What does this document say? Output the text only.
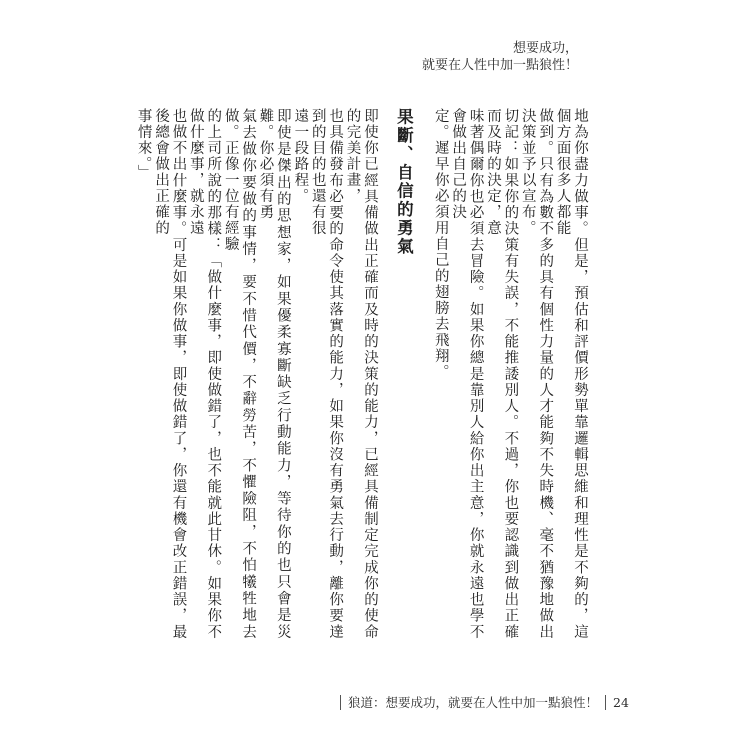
想要成功，
就要在人性中加一點狼性！

地為你盡力做事。但是，預估和評價形勢單靠邏輯思維和理性是不夠的，這個方面很多人都能
做到。只有為數不多的具有個性力量的人才能夠不失時機、毫不猶豫地做出決策並予以宣布。
切記：如果你的決策有失誤，不能推諉別人。不過，你也要認識到做出正確而及時的決定，意
味著偶爾你也必須去冒險。如果你總是靠別人給你出主意，你就永遠也學不會做出自己的決
定。遲早你必須用自己的翅膀去飛翔。

果斷、自信的勇氣

即使你已經具備做出正確而及時的決策的能力，已經具備制定完成你的使命的完美計畫，
也具備發布必要的命令使其落實的能力，如果你沒有勇氣去行動，離你要達到的目的也還有很
遠一段路程。

即使是傑出的思想家，如果優柔寡斷缺乏行動能力，等待你的也只會是災難。你必須有勇
氣去做你要做的事情，要不惜代價，不辭勞苦，不懼險阻，不怕犧牲地去做。正像一位有經驗
的上司所說的那樣：「做什麼事，即使做錯了，也不能就此甘休。如果你不做什麼事，就永遠
也做不出什麼事。可是如果你做事，即使做錯了，你還有機會改正錯誤，最後總會做出正確的
事情來。」

狼道：想要成功，就要在人性中加一點狼性！ 24
